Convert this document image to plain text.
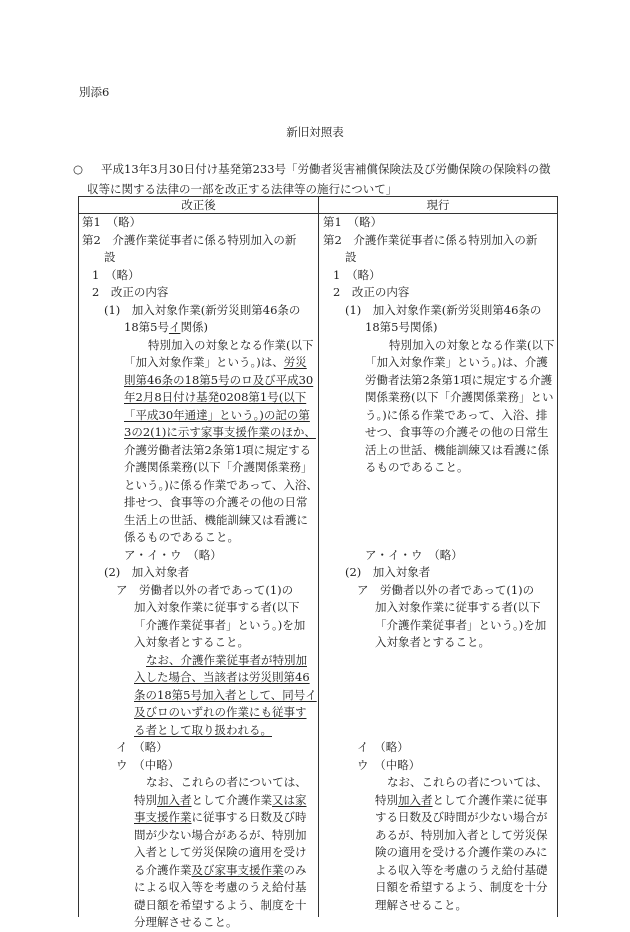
別添6
新旧対照表
○ 平成13年3月30日付け基発第233号「労働者災害補償保険法及び労働保険の保険料の徴
収等に関する法律の一部を改正する法律等の施行について」
改正後	現行
第1　（略）
第2　介護作業従事者に係る特別加入の新
設
1　（略）
2　改正の内容
(1)　加入対象作業(新労災則第46条の
18第5号イ関係)
特別加入の対象となる作業(以下
「加入対象作業」という。)は、労災
則第46条の18第5号のロ及び平成30
年2月8日付け基発0208第1号(以下
「平成30年通達」という。)の記の第
3の2(1)に示す家事支援作業のほか、
介護労働者法第2条第1項に規定する
介護関係業務(以下「介護関係業務」
という。)に係る作業であって、入浴、
排せつ、食事等の介護その他の日常
生活上の世話、機能訓練又は看護に
係るものであること。
ア・イ・ウ　（略）
(2)　加入対象者
ア　労働者以外の者であって(1)の
加入対象作業に従事する者(以下
「介護作業従事者」という。)を加
入対象者とすること。
なお、介護作業従事者が特別加
入した場合、当該者は労災則第46
条の18第5号加入者として、同号イ
及びロのいずれの作業にも従事す
る者として取り扱われる。
イ　（略）
ウ　（中略）
なお、これらの者については、
特別加入者として介護作業又は家
事支援作業に従事する日数及び時
間が少ない場合があるが、特別加
入者として労災保険の適用を受け
る介護作業及び家事支援作業のみ
による収入等を考慮のうえ給付基
礎日額を希望するよう、制度を十
分理解させること。
第1　（略）
第2　介護作業従事者に係る特別加入の新
設
1　（略）
2　改正の内容
(1)　加入対象作業(新労災則第46条の
18第5号関係)
特別加入の対象となる作業(以下
「加入対象作業」という。)は、介護
労働者法第2条第1項に規定する介護
関係業務(以下「介護関係業務」とい
う。)に係る作業であって、入浴、排
せつ、食事等の介護その他の日常生
活上の世話、機能訓練又は看護に係
るものであること。
ア・イ・ウ　（略）
(2)　加入対象者
ア　労働者以外の者であって(1)の
加入対象作業に従事する者(以下
「介護作業従事者」という。)を加
入対象者とすること。
イ　（略）
ウ　（中略）
なお、これらの者については、
特別加入者として介護作業に従事
する日数及び時間が少ない場合が
あるが、特別加入者として労災保
険の適用を受ける介護作業のみに
よる収入等を考慮のうえ給付基礎
日額を希望するよう、制度を十分
理解させること。
